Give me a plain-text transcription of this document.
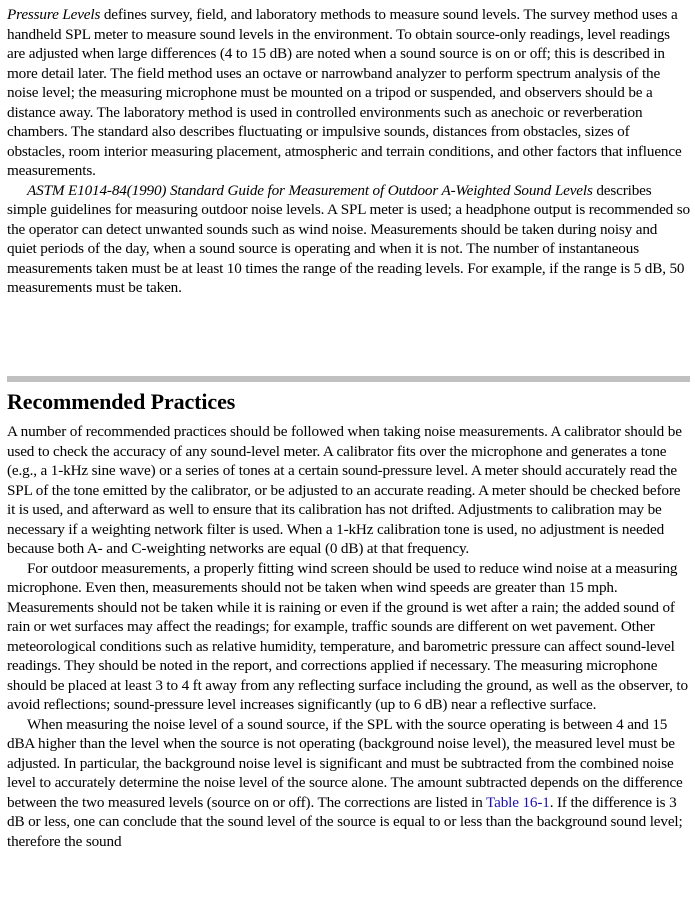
Pressure Levels defines survey, field, and laboratory methods to measure sound levels. The survey method uses a handheld SPL meter to measure sound levels in the environment. To obtain source-only readings, level readings are adjusted when large differences (4 to 15 dB) are noted when a sound source is on or off; this is described in more detail later. The field method uses an octave or narrowband analyzer to perform spectrum analysis of the noise level; the measuring microphone must be mounted on a tripod or suspended, and observers should be a distance away. The laboratory method is used in controlled environments such as anechoic or reverberation chambers. The standard also describes fluctuating or impulsive sounds, distances from obstacles, sizes of obstacles, room interior measuring placement, atmospheric and terrain conditions, and other factors that influence measurements.

ASTM E1014-84(1990) Standard Guide for Measurement of Outdoor A-Weighted Sound Levels describes simple guidelines for measuring outdoor noise levels. A SPL meter is used; a headphone output is recommended so the operator can detect unwanted sounds such as wind noise. Measurements should be taken during noisy and quiet periods of the day, when a sound source is operating and when it is not. The number of instantaneous measurements taken must be at least 10 times the range of the reading levels. For example, if the range is 5 dB, 50 measurements must be taken.

Recommended Practices

A number of recommended practices should be followed when taking noise measurements. A calibrator should be used to check the accuracy of any sound-level meter. A calibrator fits over the microphone and generates a tone (e.g., a 1-kHz sine wave) or a series of tones at a certain sound-pressure level. A meter should accurately read the SPL of the tone emitted by the calibrator, or be adjusted to an accurate reading. A meter should be checked before it is used, and afterward as well to ensure that its calibration has not drifted. Adjustments to calibration may be necessary if a weighting network filter is used. When a 1-kHz calibration tone is used, no adjustment is needed because both A- and C-weighting networks are equal (0 dB) at that frequency.

For outdoor measurements, a properly fitting wind screen should be used to reduce wind noise at a measuring microphone. Even then, measurements should not be taken when wind speeds are greater than 15 mph. Measurements should not be taken while it is raining or even if the ground is wet after a rain; the added sound of rain or wet surfaces may affect the readings; for example, traffic sounds are different on wet pavement. Other meteorological conditions such as relative humidity, temperature, and barometric pressure can affect sound-level readings. They should be noted in the report, and corrections applied if necessary. The measuring microphone should be placed at least 3 to 4 ft away from any reflecting surface including the ground, as well as the observer, to avoid reflections; sound-pressure level increases significantly (up to 6 dB) near a reflective surface.

When measuring the noise level of a sound source, if the SPL with the source operating is between 4 and 15 dBA higher than the level when the source is not operating (background noise level), the measured level must be adjusted. In particular, the background noise level is significant and must be subtracted from the combined noise level to accurately determine the noise level of the source alone. The amount subtracted depends on the difference between the two measured levels (source on or off). The corrections are listed in Table 16-1. If the difference is 3 dB or less, one can conclude that the sound level of the source is equal to or less than the background sound level; therefore the sound
